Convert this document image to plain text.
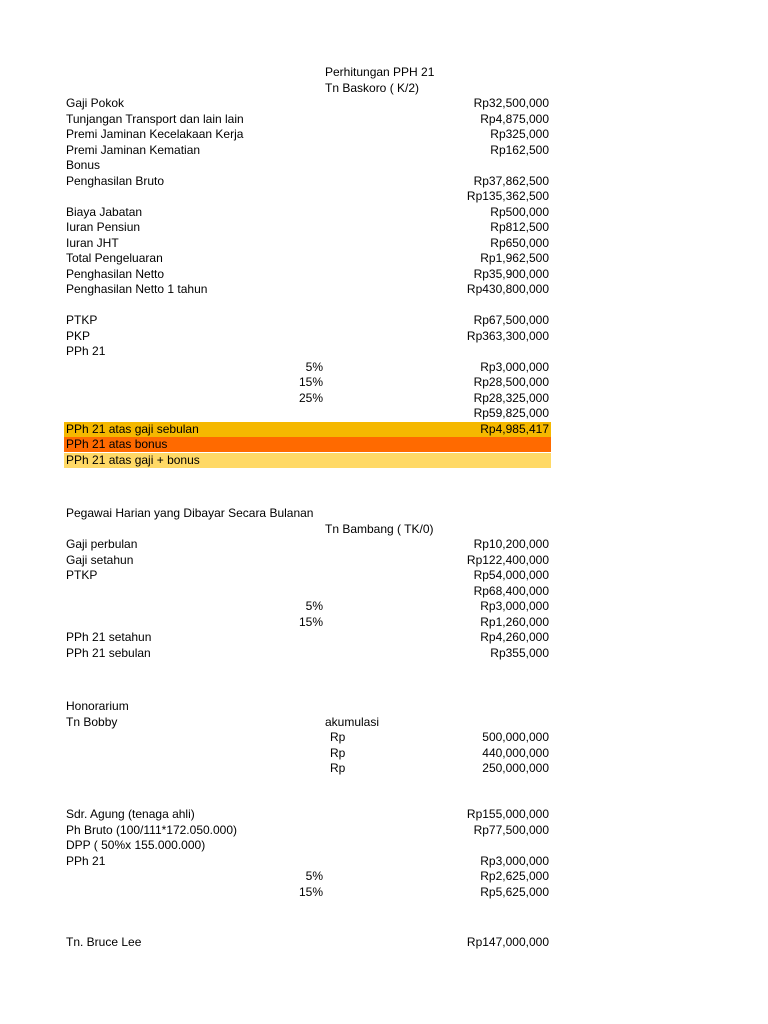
Perhitungan PPH 21
Tn Baskoro ( K/2)
Gaji Pokok	Rp32,500,000
Tunjangan Transport dan lain lain	Rp4,875,000
Premi Jaminan Kecelakaan Kerja	Rp325,000
Premi Jaminan Kematian	Rp162,500
Bonus
Penghasilan Bruto	Rp37,862,500
Rp135,362,500
Biaya Jabatan	Rp500,000
Iuran Pensiun	Rp812,500
Iuran JHT	Rp650,000
Total Pengeluaran	Rp1,962,500
Penghasilan Netto	Rp35,900,000
Penghasilan Netto 1 tahun	Rp430,800,000
PTKP	Rp67,500,000
PKP	Rp363,300,000
PPh 21
5%	Rp3,000,000
15%	Rp28,500,000
25%	Rp28,325,000
Rp59,825,000
PPh 21 atas gaji sebulan	Rp4,985,417
PPh 21 atas bonus
PPh 21 atas gaji + bonus
Pegawai Harian yang Dibayar Secara Bulanan
Tn Bambang ( TK/0)
Gaji perbulan	Rp10,200,000
Gaji setahun	Rp122,400,000
PTKP	Rp54,000,000
Rp68,400,000
5%	Rp3,000,000
15%	Rp1,260,000
PPh 21 setahun	Rp4,260,000
PPh 21 sebulan	Rp355,000
Honorarium
Tn Bobby	akumulasi
Rp	500,000,000
Rp	440,000,000
Rp	250,000,000
Sdr. Agung (tenaga ahli)	Rp155,000,000
Ph Bruto (100/111*172.050.000)	Rp77,500,000
DPP ( 50%x 155.000.000)
PPh 21	Rp3,000,000
5%	Rp2,625,000
15%	Rp5,625,000
Tn. Bruce Lee	Rp147,000,000
